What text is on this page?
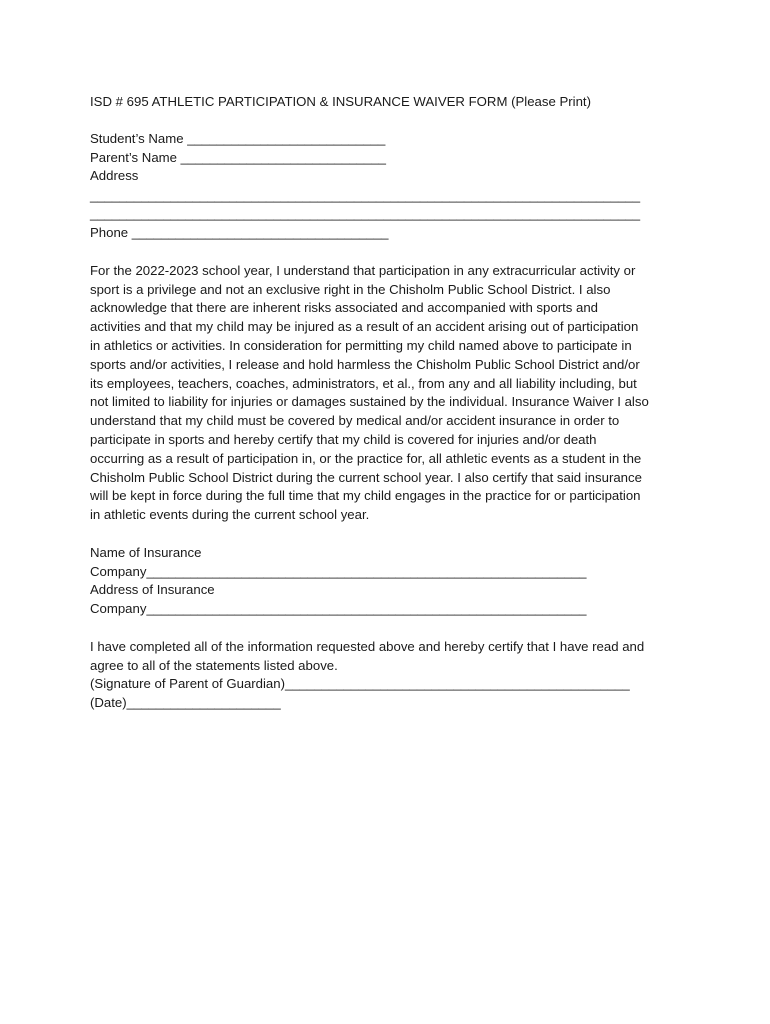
ISD # 695 ATHLETIC PARTICIPATION & INSURANCE WAIVER FORM (Please Print)
Student’s Name ___________________________
Parent’s Name ____________________________
Address
___________________________________________________________________________
___________________________________________________________________________
Phone ___________________________________
For the 2022-2023 school year, I understand that participation in any extracurricular activity or
sport is a privilege and not an exclusive right in the Chisholm Public School District. I also
acknowledge that there are inherent risks associated and accompanied with sports and
activities and that my child may be injured as a result of an accident arising out of participation
in athletics or activities. In consideration for permitting my child named above to participate in
sports and/or activities, I release and hold harmless the Chisholm Public School District and/or
its employees, teachers, coaches, administrators, et al., from any and all liability including, but
not limited to liability for injuries or damages sustained by the individual. Insurance Waiver I also
understand that my child must be covered by medical and/or accident insurance in order to
participate in sports and hereby certify that my child is covered for injuries and/or death
occurring as a result of participation in, or the practice for, all athletic events as a student in the
Chisholm Public School District during the current school year. I also certify that said insurance
will be kept in force during the full time that my child engages in the practice for or participation
in athletic events during the current school year.
Name of Insurance
Company____________________________________________________________
Address of Insurance
Company____________________________________________________________
I have completed all of the information requested above and hereby certify that I have read and
agree to all of the statements listed above.
(Signature of Parent of Guardian)_______________________________________________
(Date)_____________________
